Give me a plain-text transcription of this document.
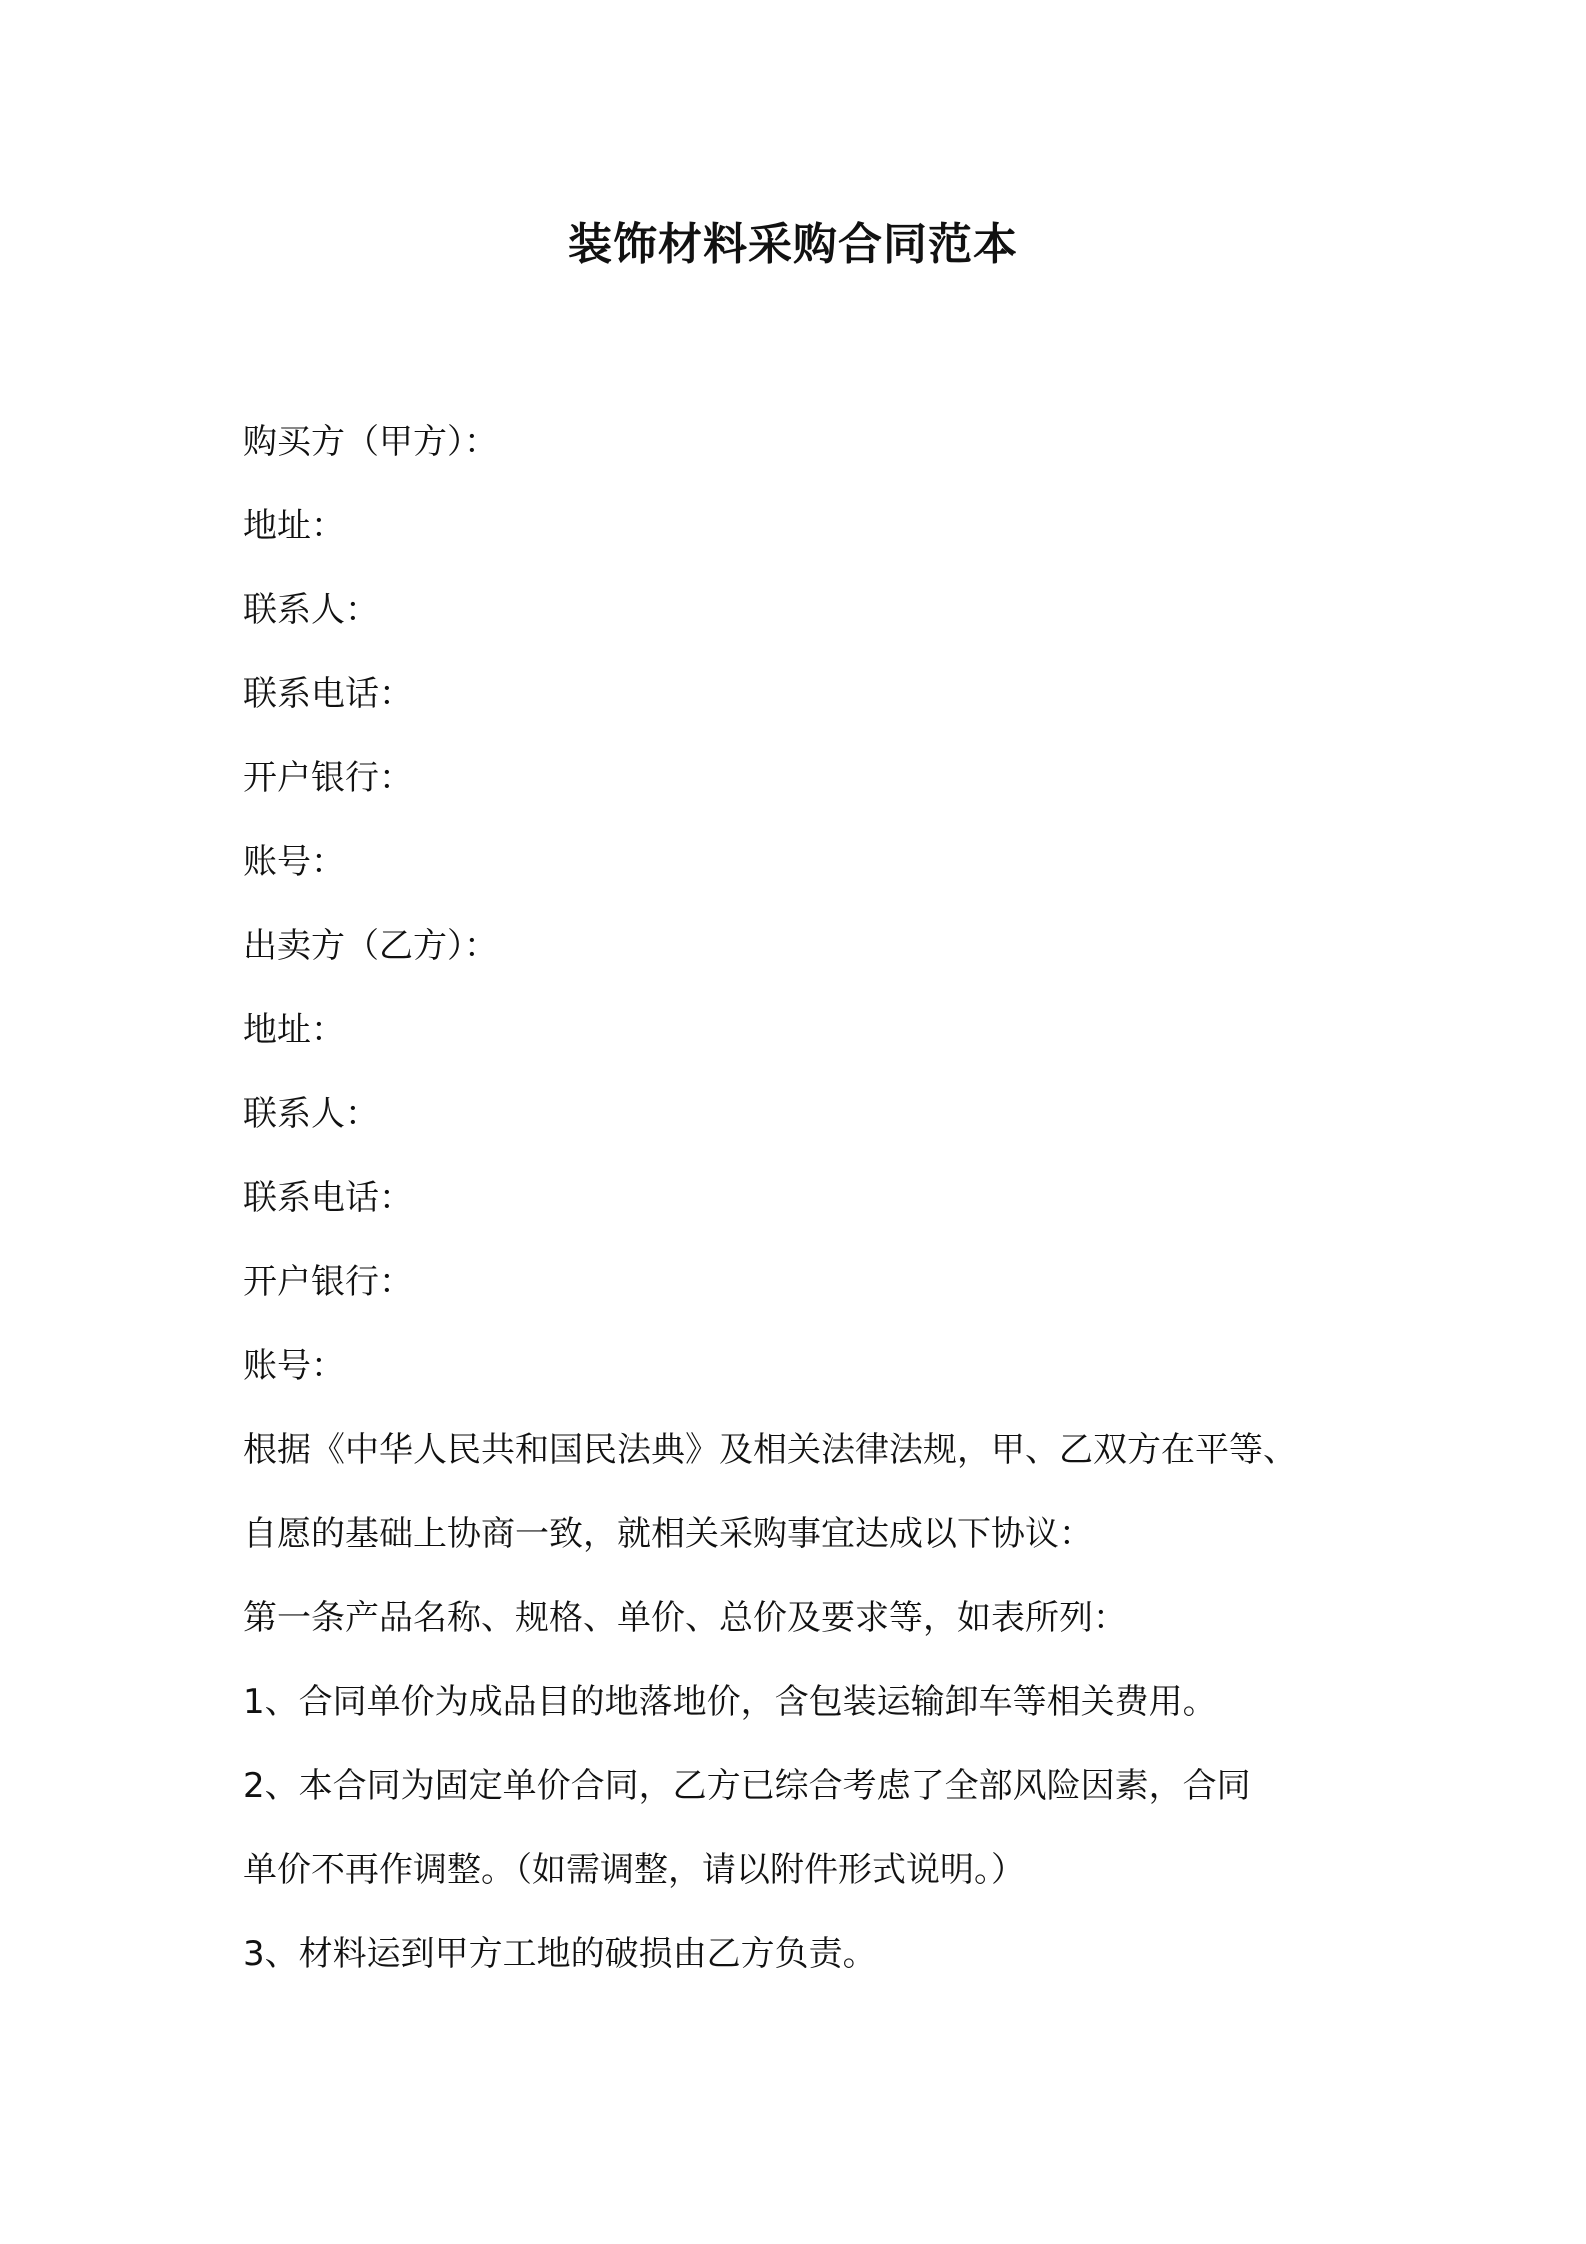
装饰材料采购合同范本
购买方（甲方）：
地址：
联系人：
联系电话：
开户银行：
账号：
出卖方（乙方）：
地址：
联系人：
联系电话：
开户银行：
账号：
根据《中华人民共和国民法典》及相关法律法规，甲、乙双方在平等、
自愿的基础上协商一致，就相关采购事宜达成以下协议：
第一条产品名称、规格、单价、总价及要求等，如表所列：
1、合同单价为成品目的地落地价，含包装运输卸车等相关费用。
2、本合同为固定单价合同，乙方已综合考虑了全部风险因素，合同
单价不再作调整。（如需调整，请以附件形式说明。）
3、材料运到甲方工地的破损由乙方负责。
